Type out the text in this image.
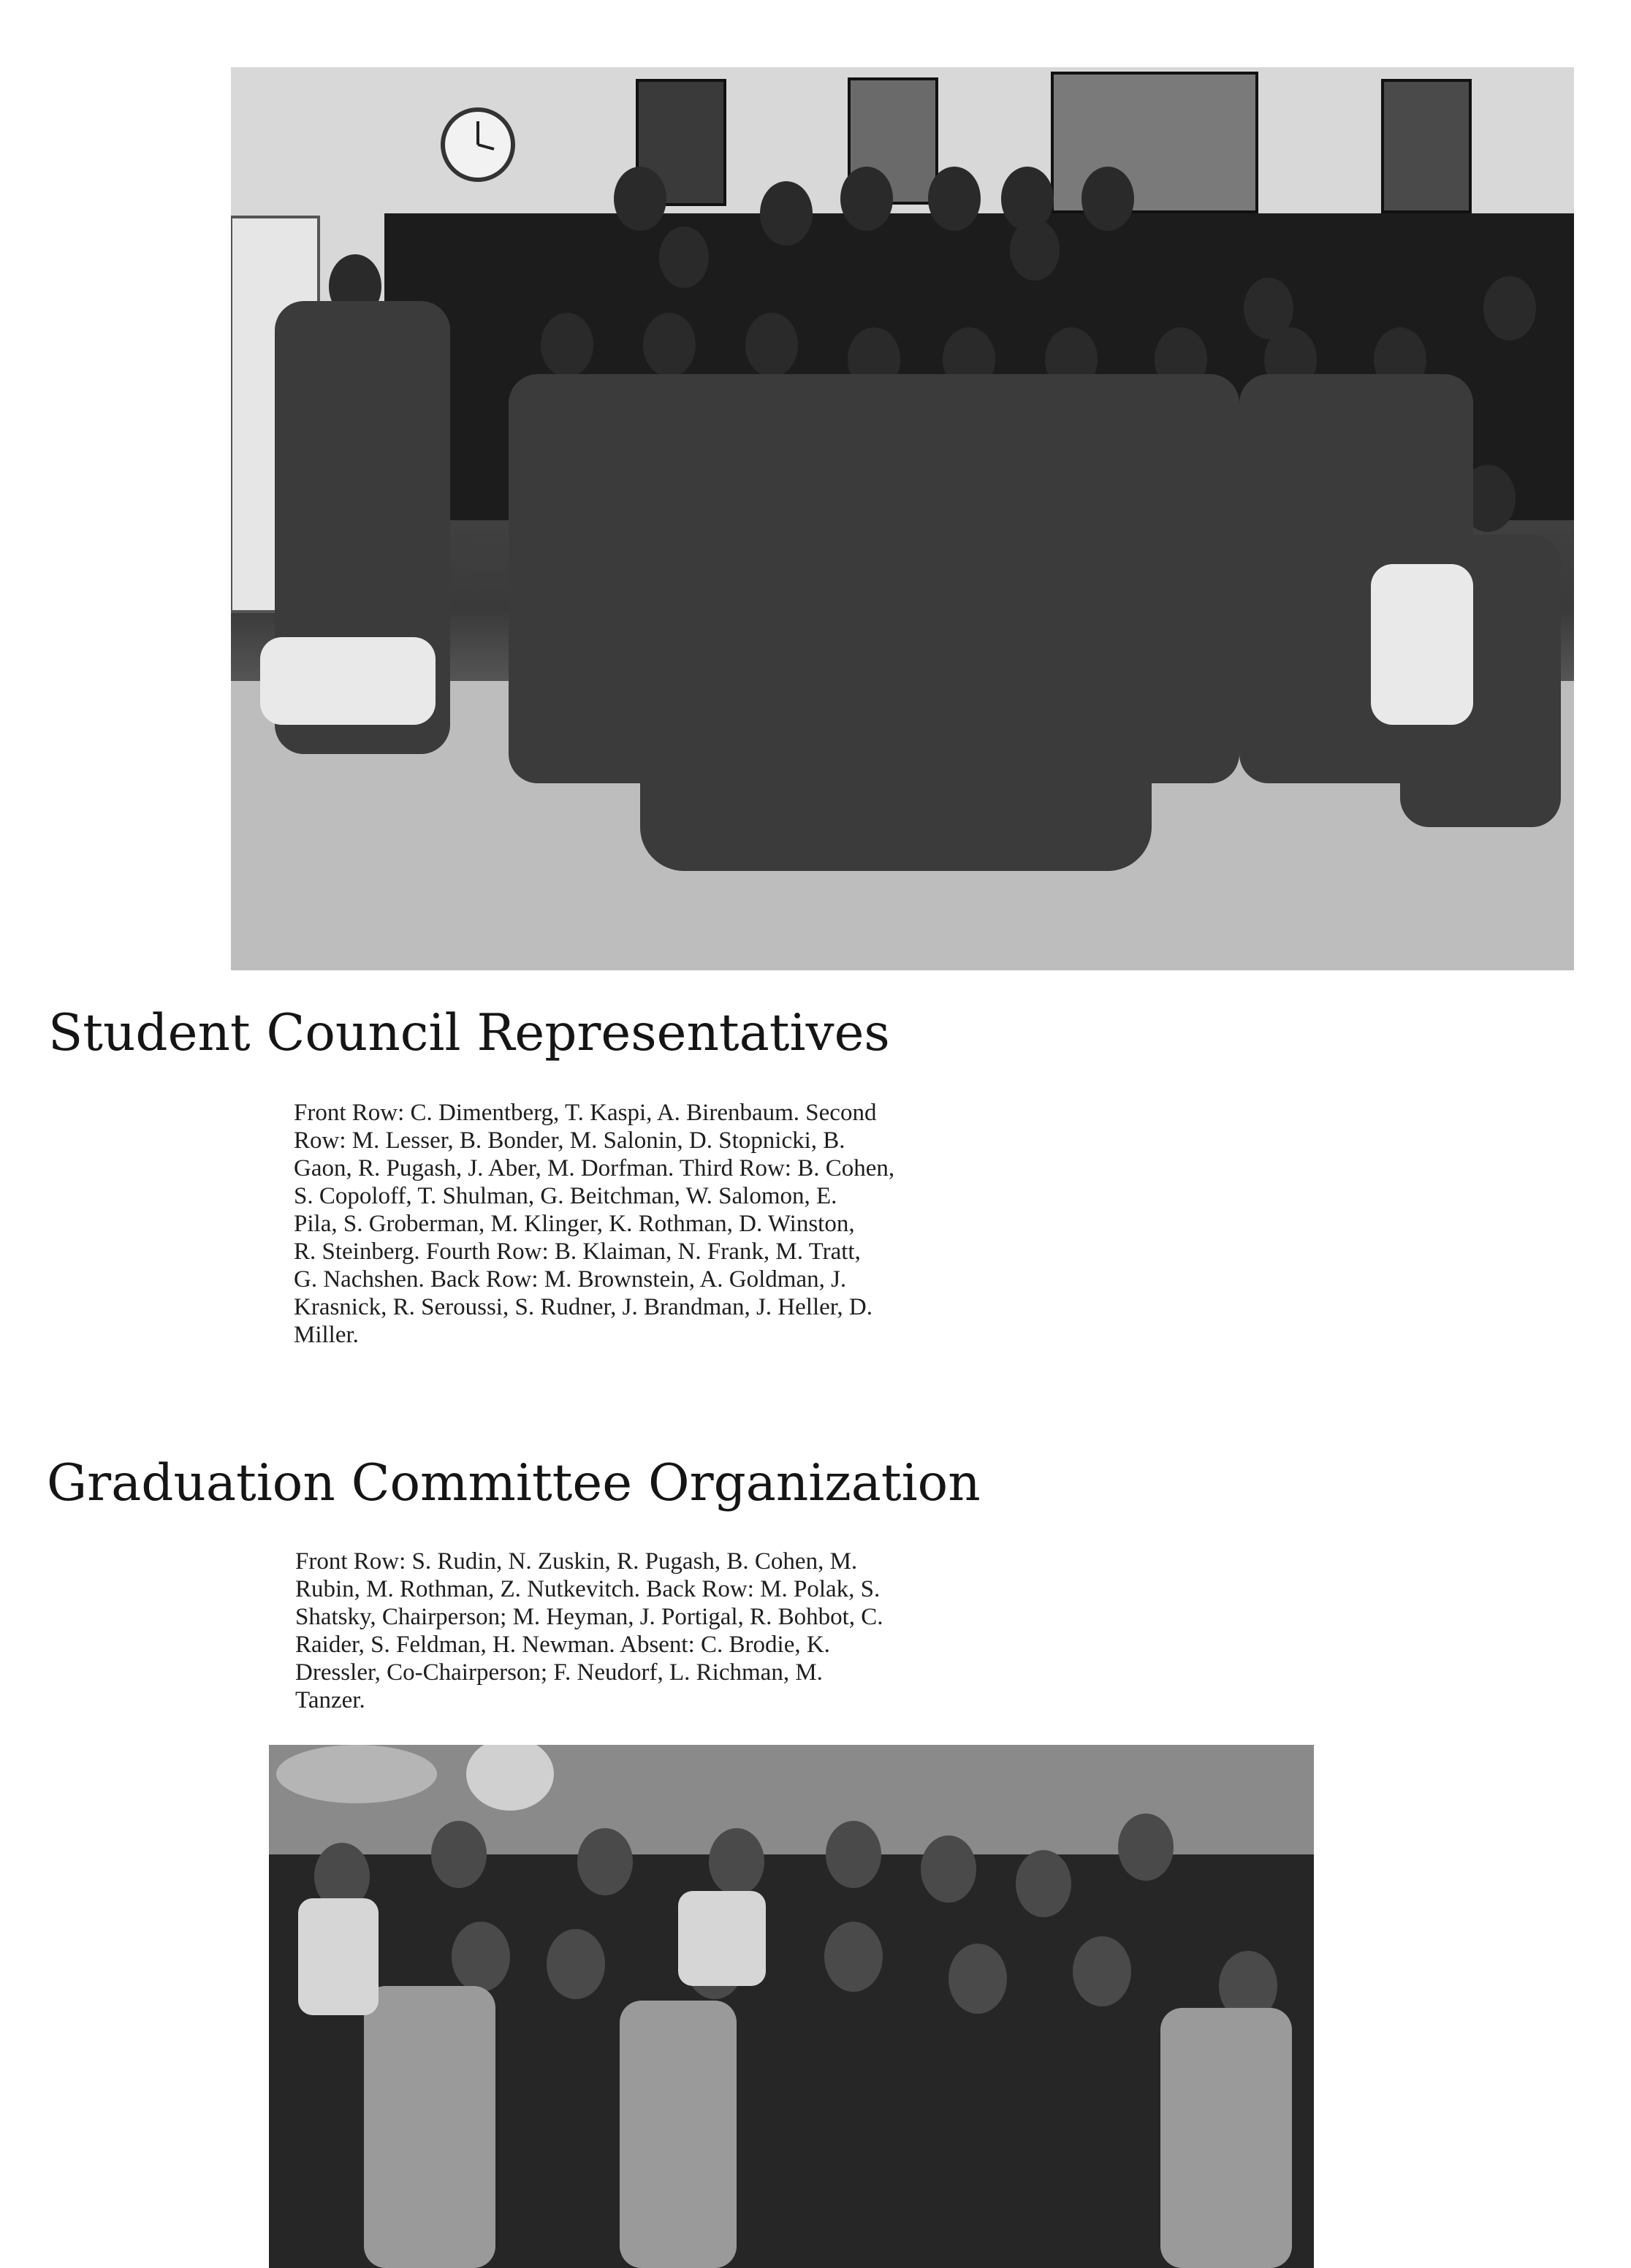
Student Council Representatives
Front Row: C. Dimentberg, T. Kaspi, A. Birenbaum. Second
Row: M. Lesser, B. Bonder, M. Salonin, D. Stopnicki, B.
Gaon, R. Pugash, J. Aber, M. Dorfman. Third Row: B. Cohen,
S. Copoloff, T. Shulman, G. Beitchman, W. Salomon, E.
Pila, S. Groberman, M. Klinger, K. Rothman, D. Winston,
R. Steinberg. Fourth Row: B. Klaiman, N. Frank, M. Tratt,
G. Nachshen. Back Row: M. Brownstein, A. Goldman, J.
Krasnick, R. Seroussi, S. Rudner, J. Brandman, J. Heller, D.
Miller.
Graduation Committee Organization
Front Row: S. Rudin, N. Zuskin, R. Pugash, B. Cohen, M.
Rubin, M. Rothman, Z. Nutkevitch. Back Row: M. Polak, S.
Shatsky, Chairperson; M. Heyman, J. Portigal, R. Bohbot, C.
Raider, S. Feldman, H. Newman. Absent: C. Brodie, K.
Dressler, Co-Chairperson; F. Neudorf, L. Richman, M.
Tanzer.
